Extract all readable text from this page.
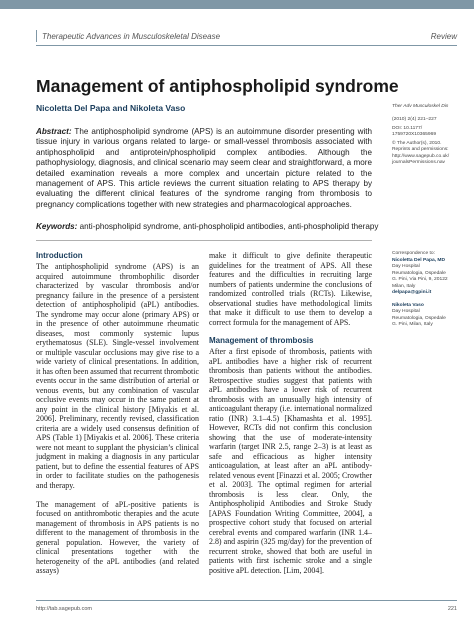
Therapeutic Advances in Musculoskeletal Disease	Review
Management of antiphospholipid syndrome
Nicoletta Del Papa and Nikoleta Vaso
Abstract: The antiphospholipid syndrome (APS) is an autoimmune disorder presenting with tissue injury in various organs related to large- or small-vessel thrombosis associated with antiphospholipid and antiprotein/phospholipid complex antibodies. Although the pathophysiology, diagnosis, and clinical scenario may seem clear and straightforward, a more detailed examination reveals a more complex and uncertain picture related to the management of APS. This article reviews the current situation relating to APS therapy by evaluating the different clinical features of the syndrome ranging from thrombosis to pregnancy complications together with new strategies and pharmacological approaches.
Keywords: anti-phospholipid syndrome, anti-phospholipid antibodies, anti-phospholipid therapy
Ther Adv Musculoskel Dis
(2010) 2(4) 221–227
DOI: 10.1177/
1759720X10365969
© The Author(s), 2010.
Reprints and permissions:
http://www.sagepub.co.uk/
journalsPermissions.nav
Correspondence to:
Nicoletta Del Papa, MD
Day Hospital
Reumatologia, Ospedale
G. Pini, Via Pini, 9, 20122
Milan, Italy
delpapa@gpini.it
Nikoleta Vaso
Day Hospital
Reumatologia, Ospedale
G. Pini, Milan, Italy
Introduction

The antiphospholipid syndrome (APS) is an acquired autoimmune thrombophilic disorder characterized by vascular thrombosis and/or pregnancy failure in the presence of a persistent detection of antiphospholipid (aPL) antibodies. The syndrome may occur alone (primary APS) or in the presence of other autoimmune rheumatic diseases, most commonly systemic lupus erythematosus (SLE). Single-vessel involvement or multiple vascular occlusions may give rise to a wide variety of clinical presentations. In addition, it has often been assumed that recurrent thrombotic events occur in the same distribution of arterial or venous events, but any combination of vascular occlusive events may occur in the same patient at any point in the clinical history [Miyakis et al. 2006]. Preliminary, recently revised, classification criteria are a widely used consensus definition of APS (Table 1) [Miyakis et al. 2006]. These criteria were not meant to supplant the physician’s clinical judgment in making a diagnosis in any particular patient, but to define the essential features of APS in order to facilitate studies on the pathogenesis and therapy.

The management of aPL-positive patients is focused on antithrombotic therapies and the acute management of thrombosis in APS patients is no different to the management of thrombosis in the general population. However, the variety of clinical presentations together with the heterogeneity of the aPL antibodies (and related assays)

make it difficult to give definite therapeutic guidelines for the treatment of APS. All these features and the difficulties in recruiting large numbers of patients undermine the conclusions of randomized controlled trials (RCTs). Likewise, observational studies have methodological limits that make it difficult to use them to develop a correct formula for the management of APS.

Management of thrombosis

After a first episode of thrombosis, patients with aPL antibodies have a higher risk of recurrent thrombosis than patients without the antibodies. Retrospective studies suggest that patients with aPL antibodies have a lower risk of recurrent thrombosis with an unusually high intensity of anticoagulant therapy (i.e. international normalized ratio (INR) 3.1–4.5) [Khamashta et al. 1995]. However, RCTs did not confirm this conclusion showing that the use of moderate-intensity warfarin (target INR 2.5, range 2–3) is at least as safe and efficacious as higher intensity anticoagulation, at least after an aPL antibody-related venous event [Finazzi et al. 2005; Crowther et al. 2003]. The optimal regimen for arterial thrombosis is less clear. Only, the Antiphospholipid Antibodies and Stroke Study [APAS Foundation Writing Committee, 2004], a prospective cohort study that focused on arterial cerebral events and compared warfarin (INR 1.4–2.8) and aspirin (325 mg/day) for the prevention of recurrent stroke, showed that both are useful in patients with first ischemic stroke and a single positive aPL detection. [Lim, 2004].

http://tab.sagepub.com	221
